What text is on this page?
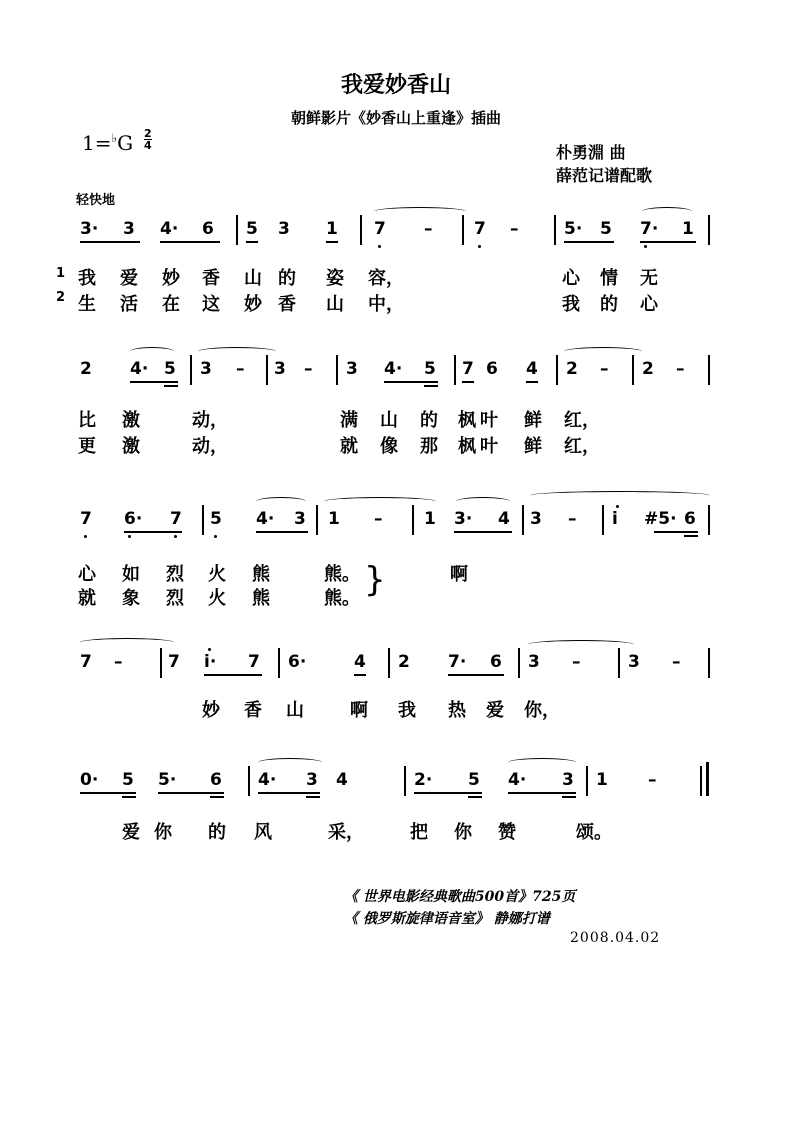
我爱妙香山
朝鲜影片《妙香山上重逢》插曲
1=♭G 2
4	朴勇淵 曲
薛范记谱配歌
轻快地
3· 3 4· 6 5 3 1 7 – 7 –	5· 5 7· 1
1
2
我 爱 妙 香 山 的 姿 容，	心 情 无
生 活 在 这 妙 香 山 中，	我 的 心
2 4· 5 3 – 3 – 3 4· 5 7 6 4 2 – 2 –
比 激	动，	满 山 的 枫 叶 鲜 红，
更 激	动，	就 像 那 枫 叶 鲜 红，
7 6· 7 5 4· 3 1 – 1 3· 4 3 – i #5· 6
心 如 烈 火 熊	熊。	啊
就 象 烈 火 熊	熊。 }
7 –	7 i· 7 6·	4 2 7· 6 3 –	3 –
妙 香 山	啊 我 热 爱 你，
0· 5 5· 6 4· 3 4	2· 5 4· 3 1 –
爱 你 的 风	采，	把 你 赞	颂。
《 世界电影经典歌曲500首》725页
《 俄罗斯旋律语音室》 静娜打谱
2008.04.02
